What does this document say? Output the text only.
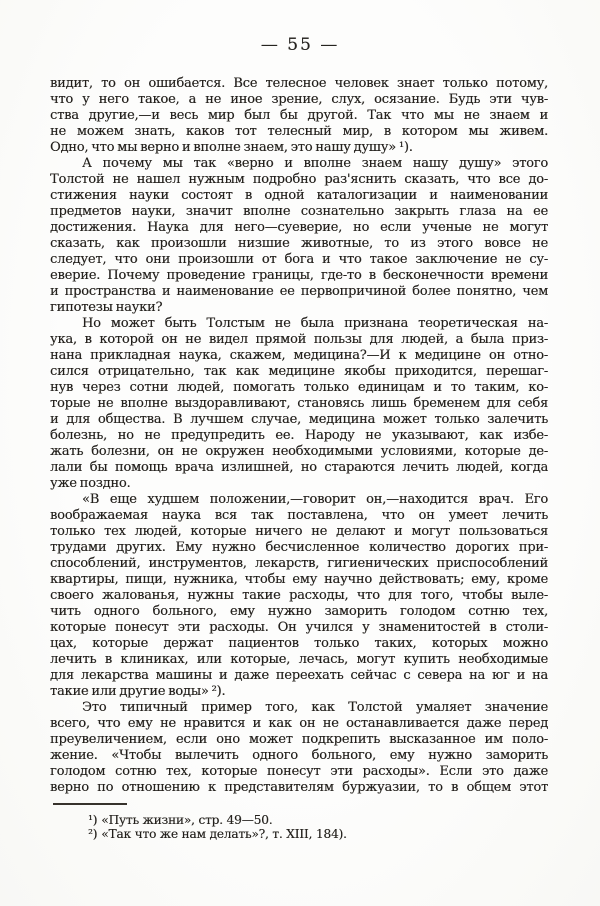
— 55 —
видит, то он ошибается. Все телесное человек знает только потому,
что у него такое, а не иное зрение, слух, осязание. Будь эти чув-
ства другие,—и весь мир был бы другой. Так что мы не знаем и
не можем знать, каков тот телесный мир, в котором мы живем.
Одно, что мы верно и вполне знаем, это нашу душу» ¹).
А почему мы так «верно и вполне знаем нашу душу» этого
Толстой не нашел нужным подробно раз'яснить сказать, что все до-
стижения науки состоят в одной каталогизации и наименовании
предметов науки, значит вполне сознательно закрыть глаза на ее
достижения. Наука для него—суеверие, но если ученые не могут
сказать, как произошли низшие животные, то из этого вовсе не
следует, что они произошли от бога и что такое заключение не су-
еверие. Почему проведение границы, где-то в бесконечности времени
и пространства и наименование ее первопричиной более понятно, чем
гипотезы науки?
Но может быть Толстым не была признана теоретическая на-
ука, в которой он не видел прямой пользы для людей, а была приз-
нана прикладная наука, скажем, медицина?—И к медицине он отно-
сился отрицательно, так как медицине якобы приходится, перешаг-
нув через сотни людей, помогать только единицам и то таким, ко-
торые не вполне выздоравливают, становясь лишь бременем для себя
и для общества. В лучшем случае, медицина может только залечить
болезнь, но не предупредить ее. Народу не указывают, как избе-
жать болезни, он не окружен необходимыми условиями, которые де-
лали бы помощь врача излишней, но стараются лечить людей, когда
уже поздно.
«В еще худшем положении,—говорит он,—находится врач. Его
воображаемая наука вся так поставлена, что он умеет лечить
только тех людей, которые ничего не делают и могут пользоваться
трудами других. Ему нужно бесчисленное количество дорогих при-
способлений, инструментов, лекарств, гигиенических приспособлений
квартиры, пищи, нужника, чтобы ему научно действовать; ему, кроме
своего жалованья, нужны такие расходы, что для того, чтобы выле-
чить одного больного, ему нужно заморить голодом сотню тех,
которые понесут эти расходы. Он учился у знаменитостей в столи-
цах, которые держат пациентов только таких, которых можно
лечить в клиниках, или которые, лечась, могут купить необходимые
для лекарства машины и даже переехать сейчас с севера на юг и на
такие или другие воды» ²).
Это типичный пример того, как Толстой умаляет значение
всего, что ему не нравится и как он не останавливается даже перед
преувеличением, если оно может подкрепить высказанное им поло-
жение. «Чтобы вылечить одного больного, ему нужно заморить
голодом сотню тех, которые понесут эти расходы». Если это даже
верно по отношению к представителям буржуазии, то в общем этот
¹) «Путь жизни», стр. 49—50.
²) «Так что же нам делать»?, т. XIII, 184).
